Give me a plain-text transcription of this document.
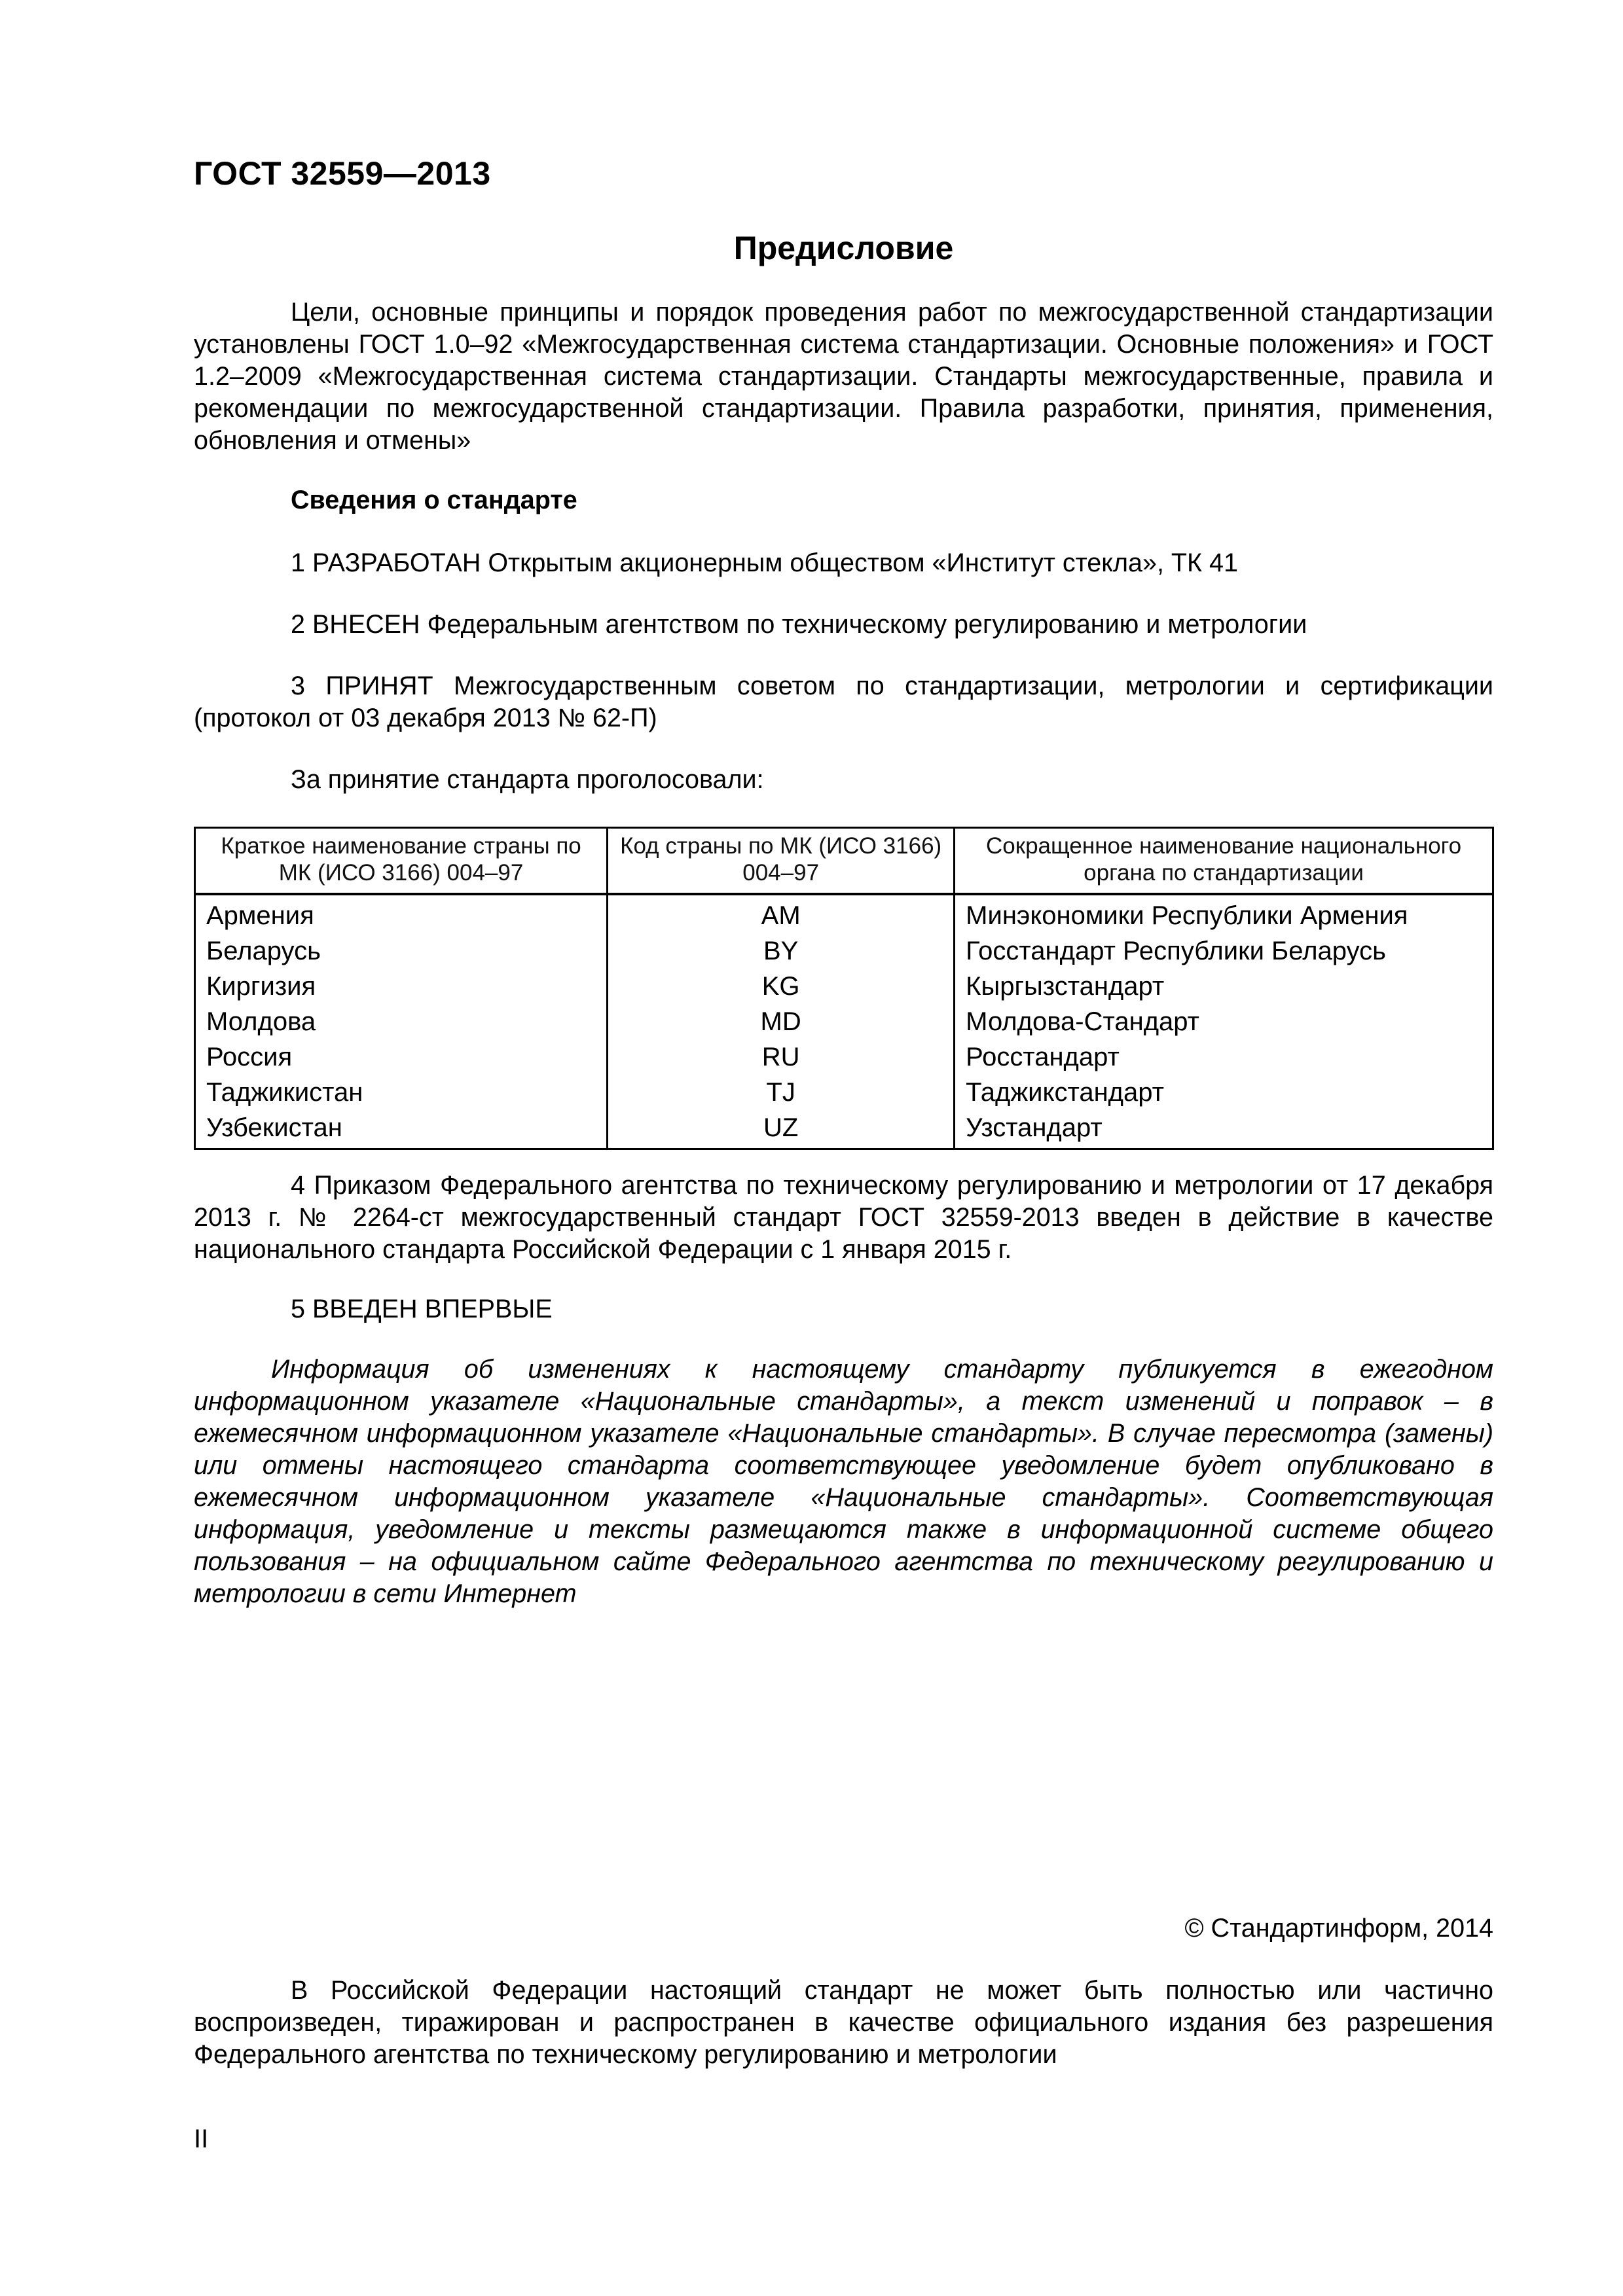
ГОСТ 32559—2013
Предисловие

Цели, основные принципы и порядок проведения работ по межгосударственной стандартизации установлены ГОСТ 1.0–92 «Межгосударственная система стандартизации. Основные положения» и ГОСТ 1.2–2009 «Межгосударственная система стандартизации. Стандарты межгосударственные, правила и рекомендации по межгосударственной стандартизации. Правила разработки, принятия, применения, обновления и отмены»

Сведения о стандарте

1 РАЗРАБОТАН Открытым акционерным обществом «Институт стекла», ТК 41

2 ВНЕСЕН Федеральным агентством по техническому регулированию и метрологии

3 ПРИНЯТ Межгосударственным советом по стандартизации, метрологии и сертификации (протокол от 03 декабря 2013 № 62-П)

За принятие стандарта проголосовали:

Краткое наименование страны по МК (ИСО 3166) 004–97	Код страны по МК (ИСО 3166) 004–97	Сокращенное наименование национального органа по стандартизации
Армения	AM	Минэкономики Республики Армения
Беларусь	BY	Госстандарт Республики Беларусь
Киргизия	KG	Кыргызстандарт
Молдова	MD	Молдова-Стандарт
Россия	RU	Росстандарт
Таджикистан	TJ	Таджикстандарт
Узбекистан	UZ	Узстандарт

4 Приказом Федерального агентства по техническому регулированию и метрологии от 17 декабря 2013 г. № 2264-ст межгосударственный стандарт ГОСТ 32559-2013 введен в действие в качестве национального стандарта Российской Федерации с 1 января 2015 г.

5 ВВЕДЕН ВПЕРВЫЕ

Информация об изменениях к настоящему стандарту публикуется в ежегодном информационном указателе «Национальные стандарты», а текст изменений и поправок – в ежемесячном информационном указателе «Национальные стандарты». В случае пересмотра (замены) или отмены настоящего стандарта соответствующее уведомление будет опубликовано в ежемесячном информационном указателе «Национальные стандарты». Соответствующая информация, уведомление и тексты размещаются также в информационной системе общего пользования – на официальном сайте Федерального агентства по техническому регулированию и метрологии в сети Интернет

© Стандартинформ, 2014

В Российской Федерации настоящий стандарт не может быть полностью или частично воспроизведен, тиражирован и распространен в качестве официального издания без разрешения Федерального агентства по техническому регулированию и метрологии

II
